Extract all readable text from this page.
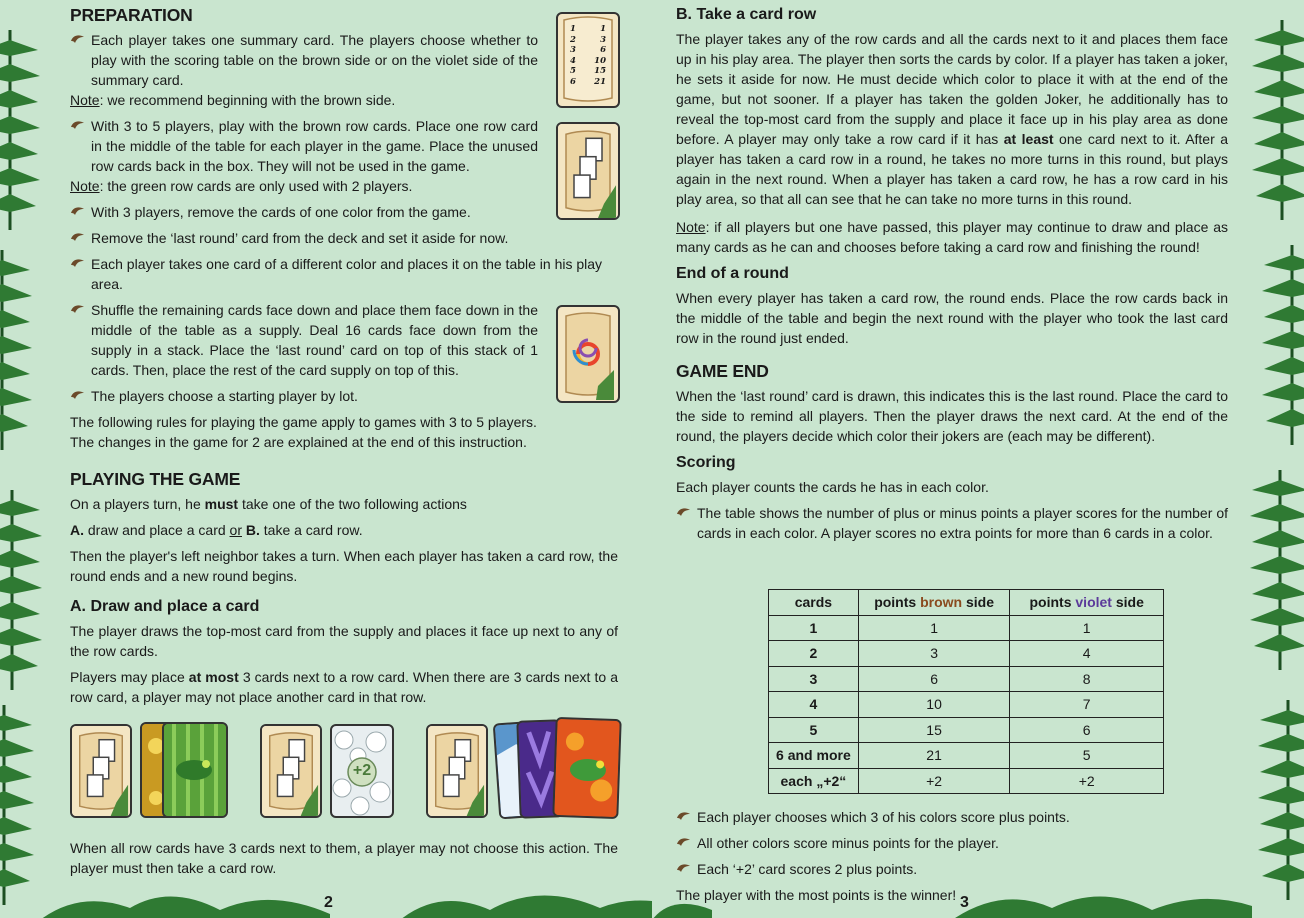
1	1
2	3
3	6
4 10
5 15
6 21
PREPARATION
Each player takes one summary card. The players choose whether to play with the scoring table on the brown side or on the violet side of the summary card.

Note: we recommend beginning with the brown side.

With 3 to 5 players, play with the brown row cards. Place one row card in the middle of the table for each player in the game. Place the unused row cards back in the box. They will not be used in the game.

Note: the green row cards are only used with 2 players.

With 3 players, remove the cards of one color from the game.
Remove the ‘last round’ card from the deck and set it aside for now.
Each player takes one card of a different color and places it on the table in his play area.
Shuffle the remaining cards face down and place them face down in the middle of the table as a supply. Deal 16 cards face down from the supply in a stack. Place the ‘last round’ card on top of this stack of 1 cards. Then, place the rest of the card supply on top of this.
The players choose a starting player by lot.

The following rules for playing the game apply to games with 3 to 5 players.
The changes in the game for 2 are explained at the end of this instruction.

PLAYING THE GAME

On a players turn, he must take one of the two following actions

A. draw and place a card or B. take a card row.

Then the player's left neighbor takes a turn. When each player has taken a card row, the round ends and a new round begins.

A. Draw and place a card

The player draws the top-most card from the supply and places it face up next to any of the row cards.

Players may place at most 3 cards next to a row card. When there are 3 cards next to a row card, a player may not place another card in that row.

+2

When all row cards have 3 cards next to them, a player may not choose this action. The player must then take a card row.

2
B. Take a card row

The player takes any of the row cards and all the cards next to it and places them face up in his play area. The player then sorts the cards by color. If a player has taken a joker, he sets it aside for now. He must decide which color to place it with at the end of the game, but not sooner. If a player has taken the golden Joker, he additionally has to reveal the top-most card from the supply and place it face up in his play area as done before. A player may only take a row card if it has at least one card next to it. After a player has taken a card row in a round, he takes no more turns in this round, but plays again in the next round. When a player has taken a card row, he has a row card in his play area, so that all can see that he can take no more turns in this round.

Note: if all players but one have passed, this player may continue to draw and place as many cards as he can and chooses before taking a card row and finishing the round!

End of a round

When every player has taken a card row, the round ends. Place the row cards back in the middle of the table and begin the next round with the player who took the last card row in the round just ended.

GAME END

When the ‘last round’ card is drawn, this indicates this is the last round. Place the card to the side to remind all players. Then the player draws the next card. At the end of the round, the players decide which color their jokers are (each may be different).

Scoring

Each player counts the cards he has in each color.

The table shows the number of plus or minus points a player scores for the number of cards in each color. A player scores no extra points for more than 6 cards in a color.
cards	points brown side	points violet side
1	1	1
2	3	4
3	6	8
4	10	7
5	15	6
6 and more	21	5
each „+2“	+2	+2
Each player chooses which 3 of his colors score plus points.
All other colors score minus points for the player.
Each ‘+2’ card scores 2 plus points.

The player with the most points is the winner! 3
